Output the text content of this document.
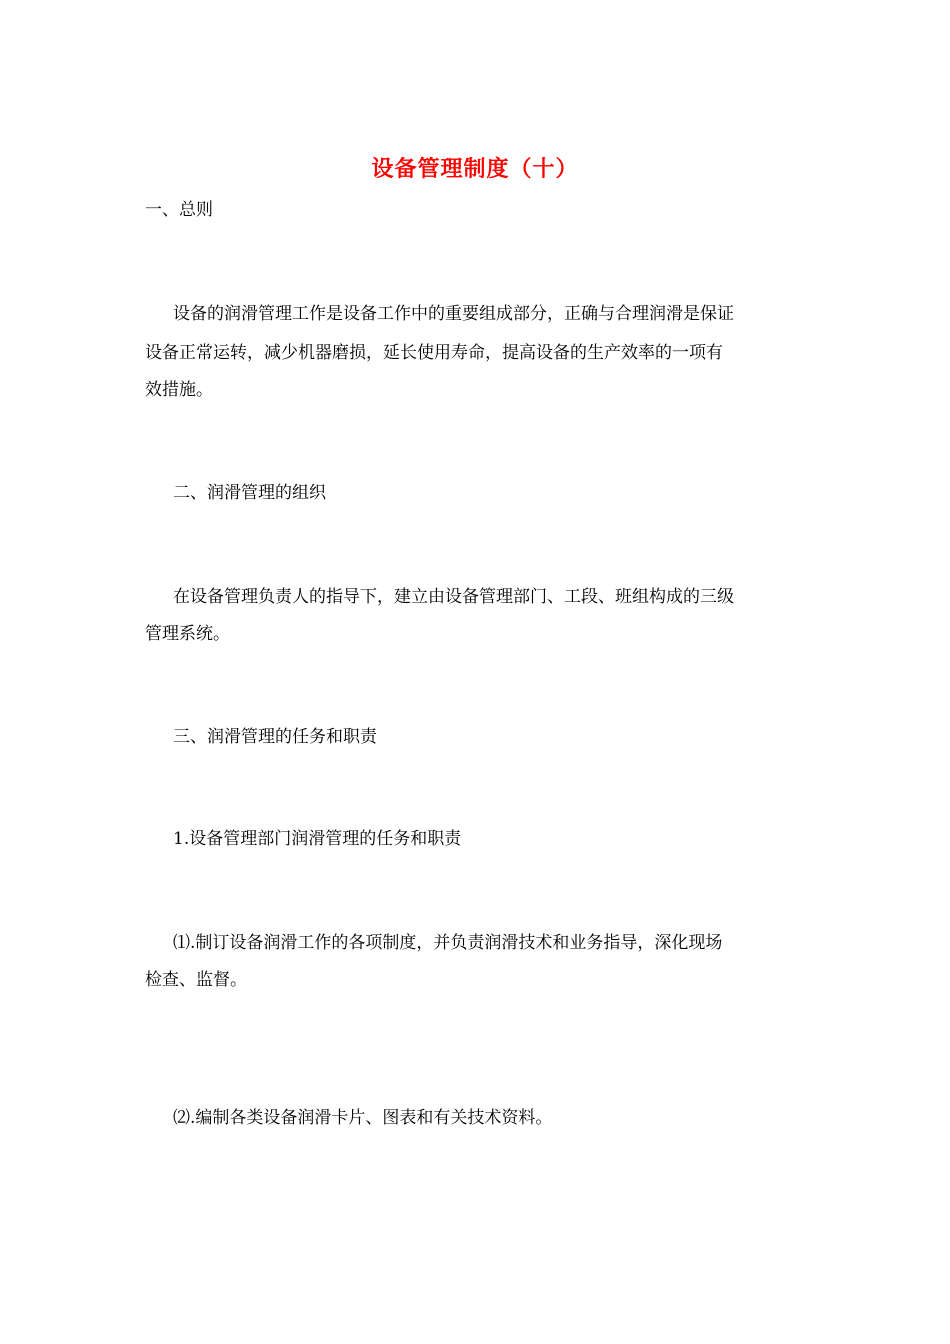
设备管理制度（十）
一、总则
设备的润滑管理工作是设备工作中的重要组成部分，正确与合理润滑是保证
设备正常运转，减少机器磨损，延长使用寿命，提高设备的生产效率的一项有
效措施。
二、润滑管理的组织
在设备管理负责人的指导下，建立由设备管理部门、工段、班组构成的三级
管理系统。
三、润滑管理的任务和职责
1.设备管理部门润滑管理的任务和职责
⑴.制订设备润滑工作的各项制度，并负责润滑技术和业务指导，深化现场
检查、监督。
⑵.编制各类设备润滑卡片、图表和有关技术资料。
